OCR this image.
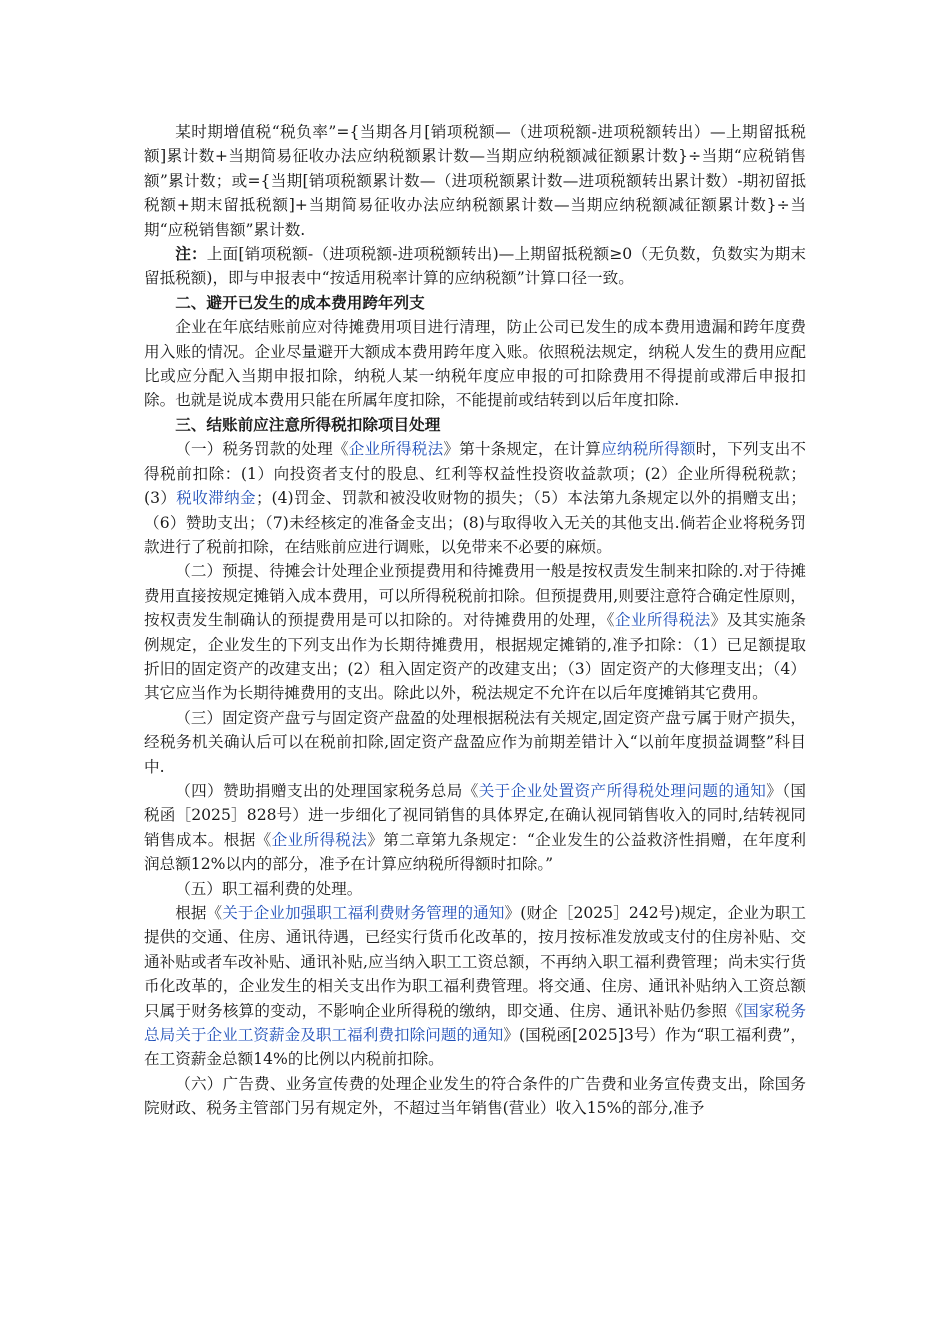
某时期增值税“税负率”={当期各月[销项税额—（进项税额-进项税额转出）—上期留抵税额]累计数+当期简易征收办法应纳税额累计数—当期应纳税额减征额累计数}÷当期“应税销售额”累计数；或={当期[销项税额累计数—（进项税额累计数—进项税额转出累计数）-期初留抵税额+期末留抵税额]+当期简易征收办法应纳税额累计数—当期应纳税额减征额累计数}÷当期“应税销售额”累计数.

注：上面[销项税额-（进项税额-进项税额转出)—上期留抵税额≥0（无负数，负数实为期末留抵税额)，即与申报表中“按适用税率计算的应纳税额”计算口径一致。

二、避开已发生的成本费用跨年列支

企业在年底结账前应对待摊费用项目进行清理，防止公司已发生的成本费用遗漏和跨年度费用入账的情况。企业尽量避开大额成本费用跨年度入账。依照税法规定，纳税人发生的费用应配比或应分配入当期申报扣除，纳税人某一纳税年度应申报的可扣除费用不得提前或滞后申报扣除。也就是说成本费用只能在所属年度扣除，不能提前或结转到以后年度扣除.

三、结账前应注意所得税扣除项目处理

（一）税务罚款的处理《企业所得税法》第十条规定，在计算应纳税所得额时，下列支出不得税前扣除：(1）向投资者支付的股息、红利等权益性投资收益款项；(2）企业所得税税款；(3）税收滞纳金；(4)罚金、罚款和被没收财物的损失；（5）本法第九条规定以外的捐赠支出；（6）赞助支出；（7)未经核定的准备金支出；(8)与取得收入无关的其他支出.倘若企业将税务罚款进行了税前扣除，在结账前应进行调账，以免带来不必要的麻烦。

（二）预提、待摊会计处理企业预提费用和待摊费用一般是按权责发生制来扣除的.对于待摊费用直接按规定摊销入成本费用，可以所得税税前扣除。但预提费用,则要注意符合确定性原则，按权责发生制确认的预提费用是可以扣除的。对待摊费用的处理，《企业所得税法》及其实施条例规定，企业发生的下列支出作为长期待摊费用，根据规定摊销的,准予扣除：（1）已足额提取折旧的固定资产的改建支出；(2）租入固定资产的改建支出；（3）固定资产的大修理支出；（4）其它应当作为长期待摊费用的支出。除此以外，税法规定不允许在以后年度摊销其它费用。

（三）固定资产盘亏与固定资产盘盈的处理根据税法有关规定,固定资产盘亏属于财产损失，经税务机关确认后可以在税前扣除,固定资产盘盈应作为前期差错计入“以前年度损益调整”科目中.

（四）赞助捐赠支出的处理国家税务总局《关于企业处置资产所得税处理问题的通知》（国税函［2025］828号）进一步细化了视同销售的具体界定,在确认视同销售收入的同时,结转视同销售成本。根据《企业所得税法》第二章第九条规定：“企业发生的公益救济性捐赠，在年度利润总额12%以内的部分，准予在计算应纳税所得额时扣除。”

（五）职工福利费的处理。

根据《关于企业加强职工福利费财务管理的通知》(财企［2025］242号)规定，企业为职工提供的交通、住房、通讯待遇，已经实行货币化改革的，按月按标准发放或支付的住房补贴、交通补贴或者车改补贴、通讯补贴,应当纳入职工工资总额，不再纳入职工福利费管理；尚未实行货币化改革的，企业发生的相关支出作为职工福利费管理。将交通、住房、通讯补贴纳入工资总额只属于财务核算的变动，不影响企业所得税的缴纳，即交通、住房、通讯补贴仍参照《国家税务总局关于企业工资薪金及职工福利费扣除问题的通知》(国税函[2025]3号）作为“职工福利费”，在工资薪金总额14%的比例以内税前扣除。

（六）广告费、业务宣传费的处理企业发生的符合条件的广告费和业务宣传费支出，除国务院财政、税务主管部门另有规定外，不超过当年销售(营业）收入15%的部分,准予
